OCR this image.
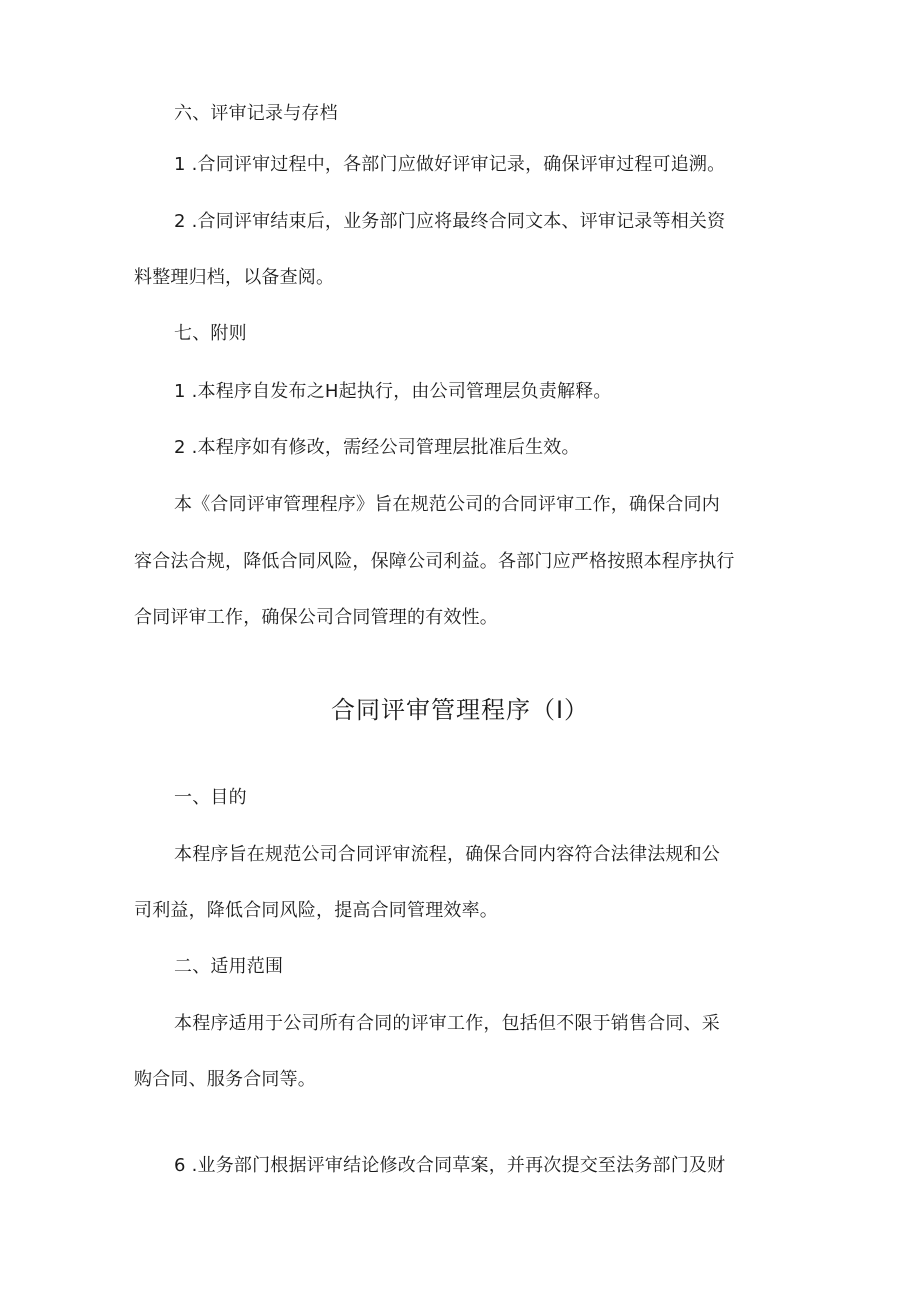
六、评审记录与存档
1 .合同评审过程中，各部门应做好评审记录，确保评审过程可追溯。
2 .合同评审结束后，业务部门应将最终合同文本、评审记录等相关资
料整理归档，以备查阅。
七、附则
1 .本程序自发布之H起执行，由公司管理层负责解释。
2 .本程序如有修改，需经公司管理层批准后生效。
本《合同评审管理程序》旨在规范公司的合同评审工作，确保合同内
容合法合规，降低合同风险，保障公司利益。各部门应严格按照本程序执行
合同评审工作，确保公司合同管理的有效性。
合同评审管理程序（I）
一、目的
本程序旨在规范公司合同评审流程，确保合同内容符合法律法规和公
司利益，降低合同风险，提高合同管理效率。
二、适用范围
本程序适用于公司所有合同的评审工作，包括但不限于销售合同、采
购合同、服务合同等。
6 .业务部门根据评审结论修改合同草案，并再次提交至法务部门及财
